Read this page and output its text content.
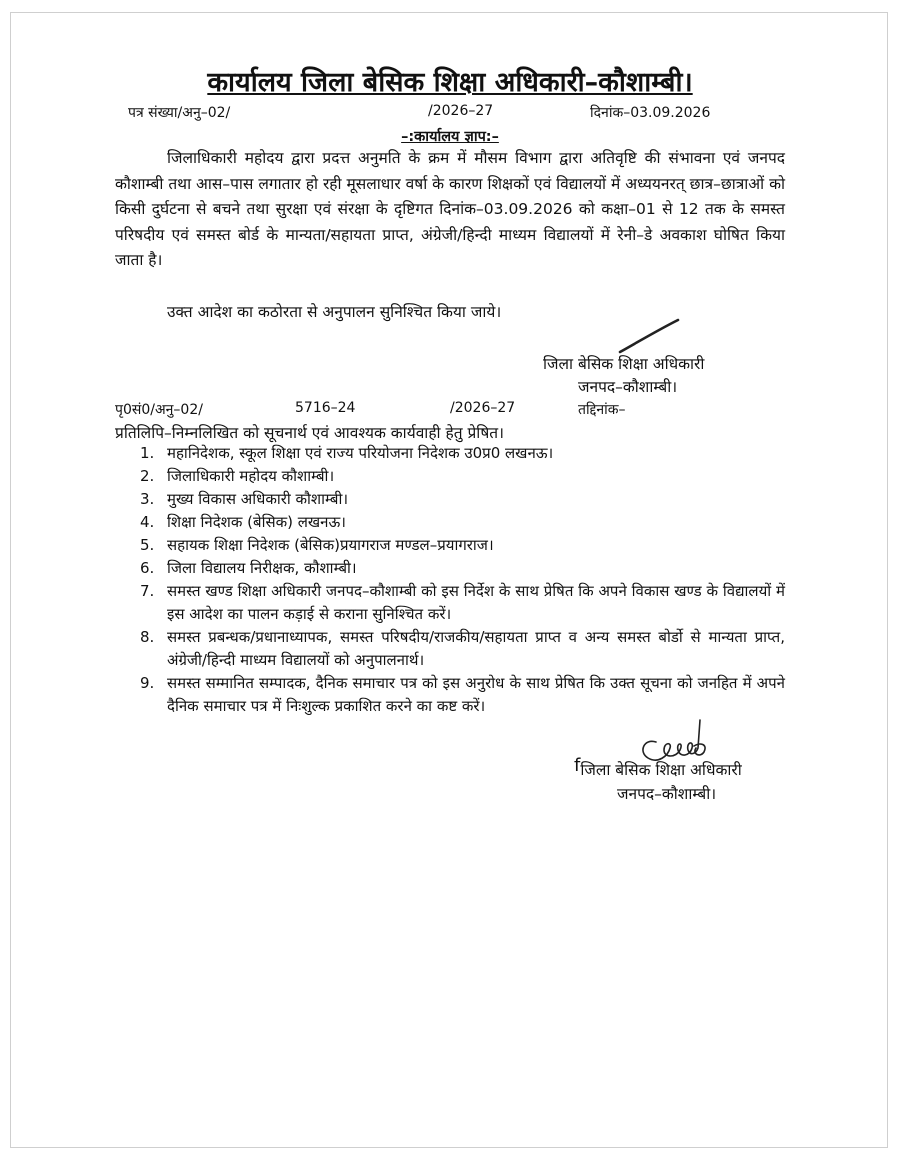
कार्यालय जिला बेसिक शिक्षा अधिकारी–कौशाम्बी।
पत्र संख्या/अनु–02/	/2026–27	दिनांक–03.09.2026
–:कार्यालय ज्ञाप:–
जिलाधिकारी महोदय द्वारा प्रदत्त अनुमति के क्रम में मौसम विभाग द्वारा अतिवृष्टि की संभावना एवं जनपद कौशाम्बी तथा आस–पास लगातार हो रही मूसलाधार वर्षा के कारण शिक्षकों एवं विद्यालयों में अध्ययनरत् छात्र–छात्राओं को किसी दुर्घटना से बचने तथा सुरक्षा एवं संरक्षा के दृष्टिगत दिनांक–03.09.2026 को कक्षा–01 से 12 तक के समस्त परिषदीय एवं समस्त बोर्ड के मान्यता/सहायता प्राप्त, अंग्रेजी/हिन्दी माध्यम विद्यालयों में रेनी–डे अवकाश घोषित किया जाता है।
उक्त आदेश का कठोरता से अनुपालन सुनिश्चित किया जाये।
जिला बेसिक शिक्षा अधिकारी
जनपद–कौशाम्बी।
पृ0सं0/अनु–02/	5716–24	/2026–27	तद्दिनांक–
प्रतिलिपि–निम्नलिखित को सूचनार्थ एवं आवश्यक कार्यवाही हेतु प्रेषित।
1. महानिदेशक, स्कूल शिक्षा एवं राज्य परियोजना निदेशक उ0प्र0 लखनऊ।
2. जिलाधिकारी महोदय कौशाम्बी।
3. मुख्य विकास अधिकारी कौशाम्बी।
4. शिक्षा निदेशक (बेसिक) लखनऊ।
5. सहायक शिक्षा निदेशक (बेसिक)प्रयागराज मण्डल–प्रयागराज।
6. जिला विद्यालय निरीक्षक, कौशाम्बी।
7. समस्त खण्ड शिक्षा अधिकारी जनपद–कौशाम्बी को इस निर्देश के साथ प्रेषित कि अपने विकास खण्ड के विद्यालयों में इस आदेश का पालन कड़ाई से कराना सुनिश्चित करें।
8. समस्त प्रबन्धक/प्रधानाध्यापक, समस्त परिषदीय/राजकीय/सहायता प्राप्त व अन्य समस्त बोर्डो से मान्यता प्राप्त, अंग्रेजी/हिन्दी माध्यम विद्यालयों को अनुपालनार्थ।
9. समस्त सम्मानित सम्पादक, दैनिक समाचार पत्र को इस अनुरोध के साथ प्रेषित कि उक्त सूचना को जनहित में अपने दैनिक समाचार पत्र में निःशुल्क प्रकाशित करने का कष्ट करें।
fजिला बेसिक शिक्षा अधिकारी
जनपद–कौशाम्बी।
